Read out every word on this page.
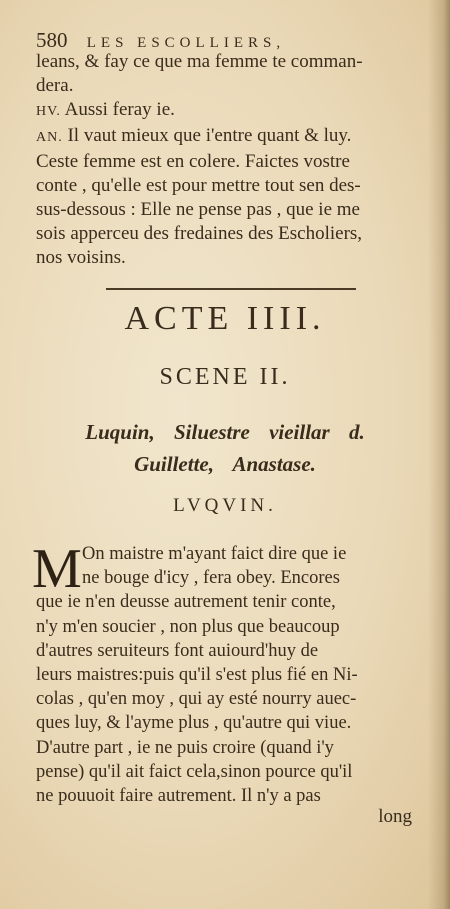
580 LES ESCOLLIERS,

leans, & fay ce que ma femme te comman-

dera.

HV. Aussi feray ie.

AN. Il vaut mieux que i'entre quant & luy.

Ceste femme est en colere. Faictes vostre

conte , qu'elle est pour mettre tout sen des-

sus-dessous : Elle ne pense pas , que ie me

sois apperceu des fredaines des Escholiers,

nos voisins.

ACTE IIII.
SCENE II.
Luquin, Siluestre vieillar d.
Guillette, Anastase.
LVQVIN.
M On maistre m'ayant faict dire que ie

ne bouge d'icy , fera obey. Encores

que ie n'en deusse autrement tenir conte,

n'y m'en soucier , non plus que beaucoup

d'autres seruiteurs font auiourd'huy de

leurs maistres:puis qu'il s'est plus fié en Ni-

colas , qu'en moy , qui ay esté nourry auec-

ques luy, & l'ayme plus , qu'autre qui viue.

D'autre part , ie ne puis croire (quand i'y

pense) qu'il ait faict cela,sinon pource qu'il

ne pouuoit faire autrement. Il n'y a pas

long
